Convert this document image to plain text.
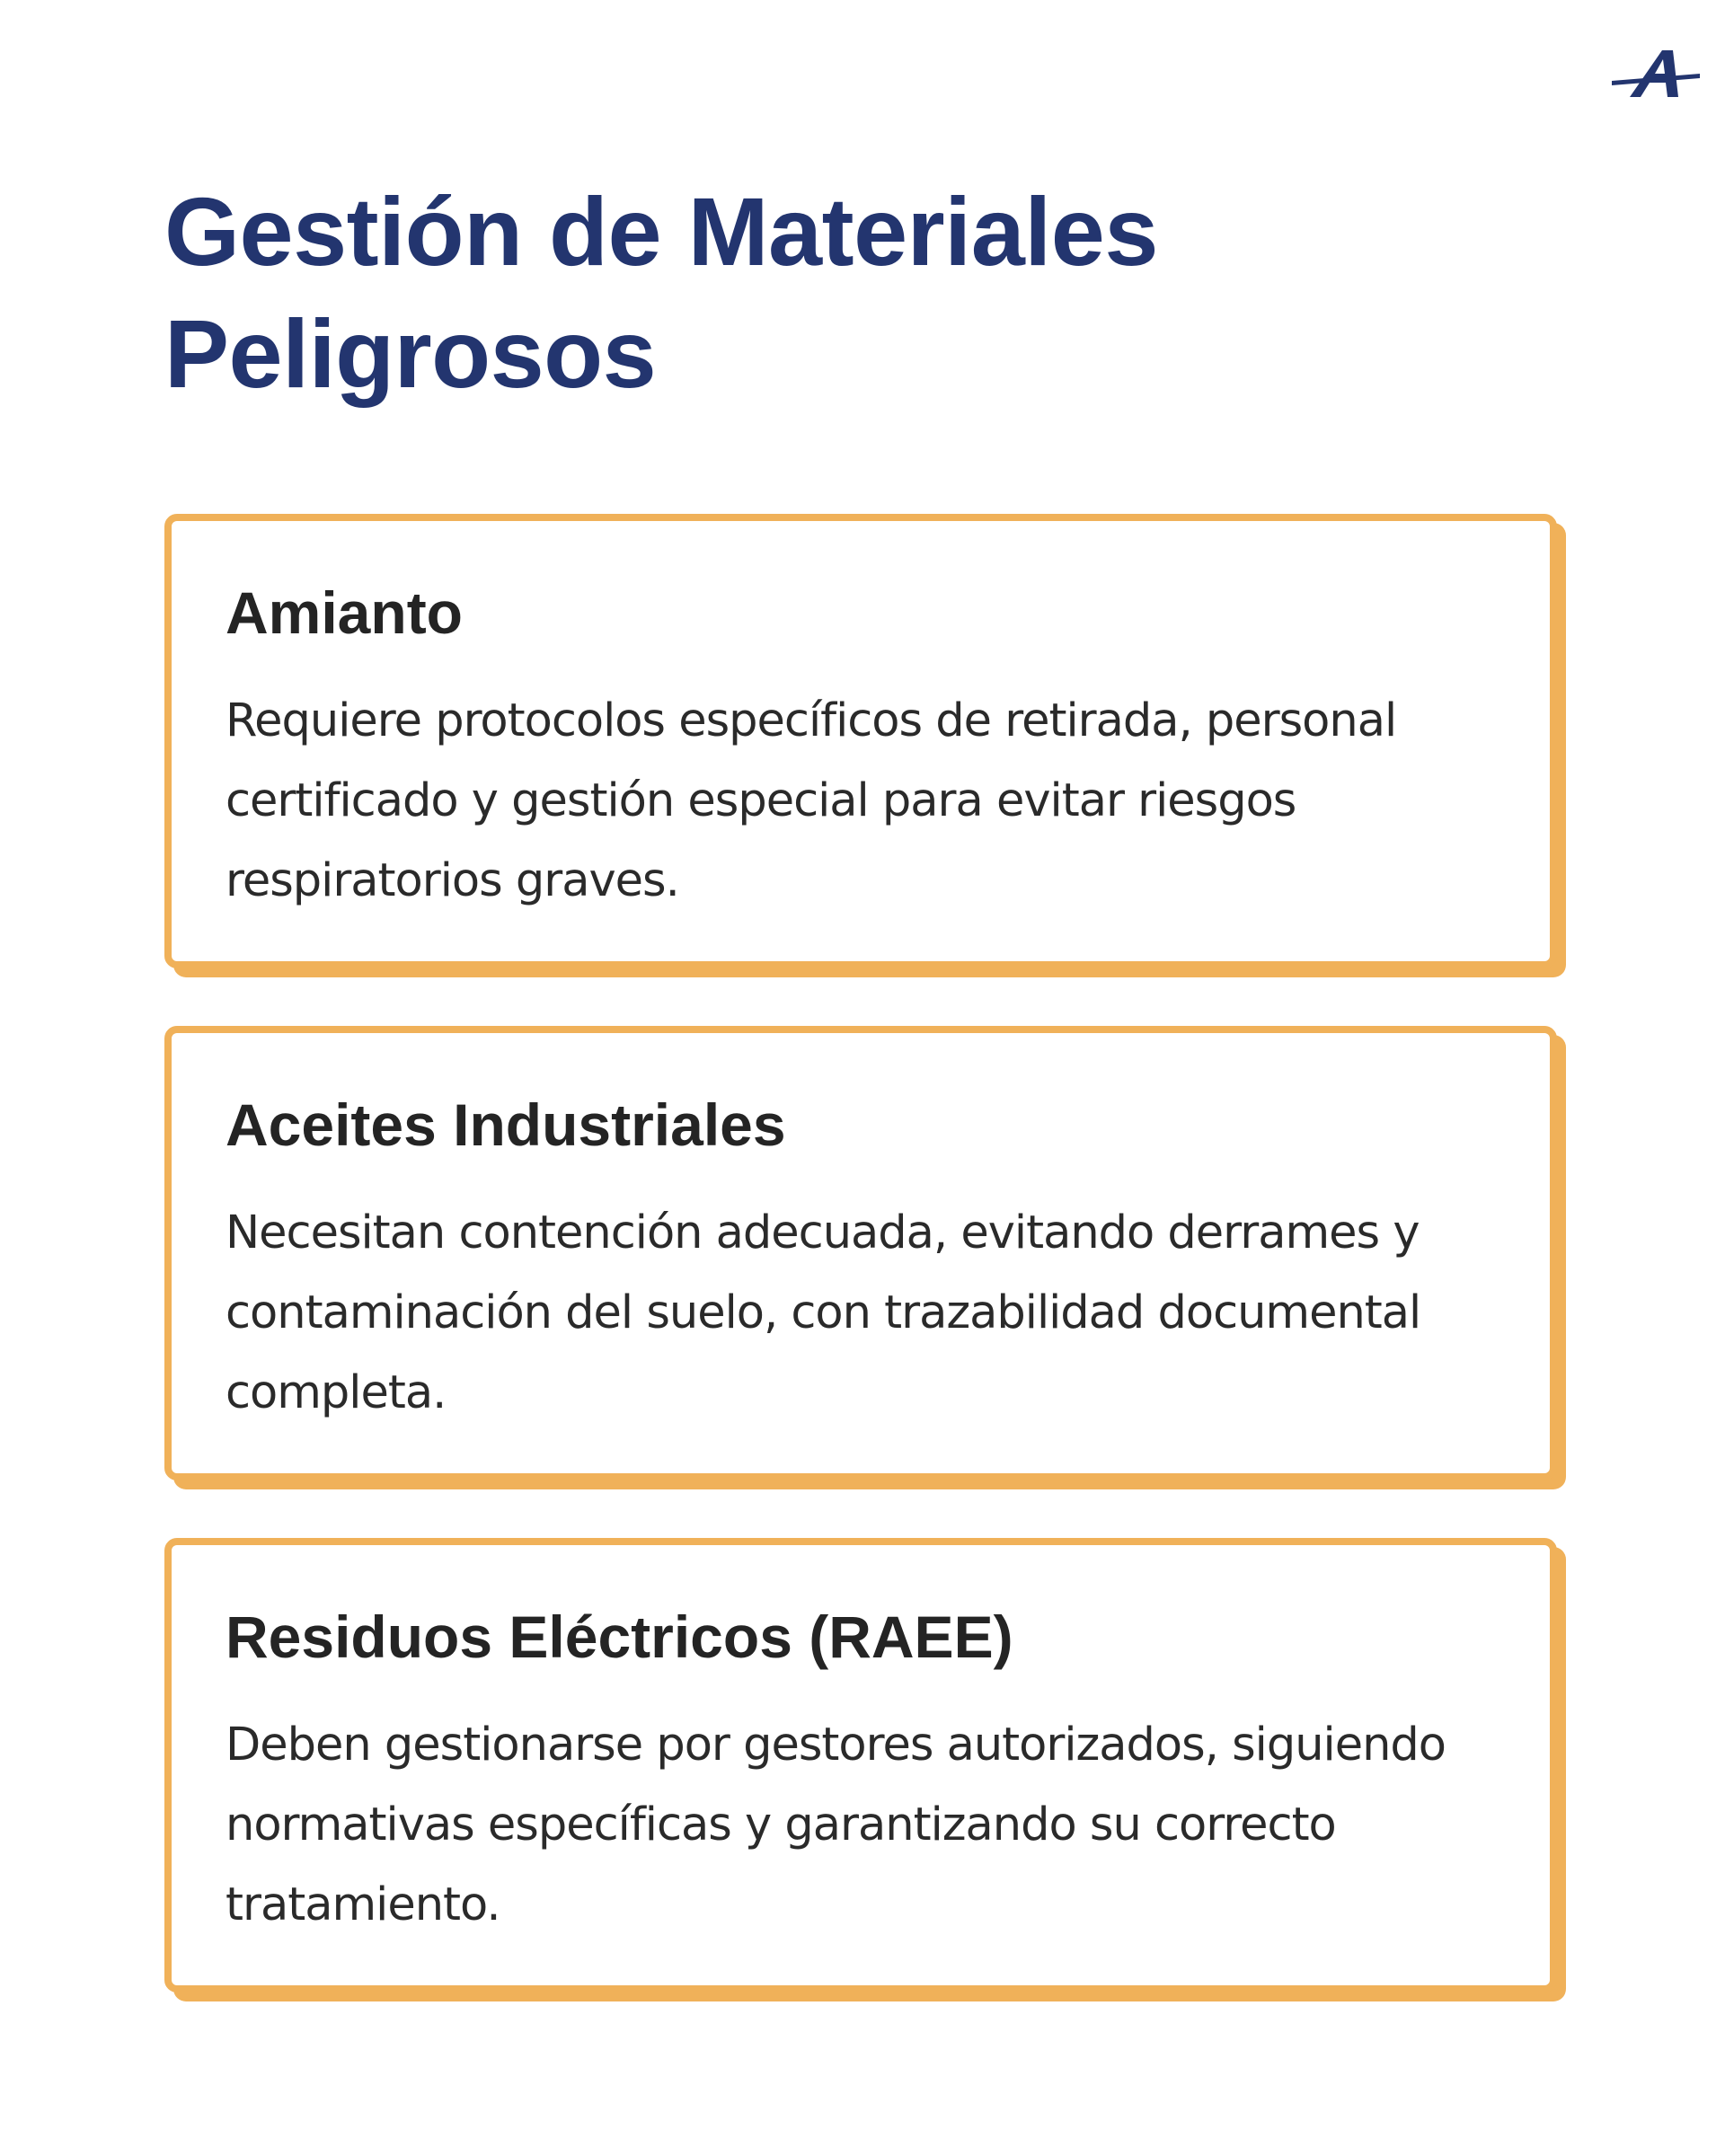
Gestión de Materiales Peligrosos
Amianto

Requiere protocolos específicos de retirada, personal certificado y gestión especial para evitar riesgos respiratorios graves.

Aceites Industriales

Necesitan contención adecuada, evitando derrames y contaminación del suelo, con trazabilidad documental completa.

Residuos Eléctricos (RAEE)

Deben gestionarse por gestores autorizados, siguiendo normativas específicas y garantizando su correcto tratamiento.
